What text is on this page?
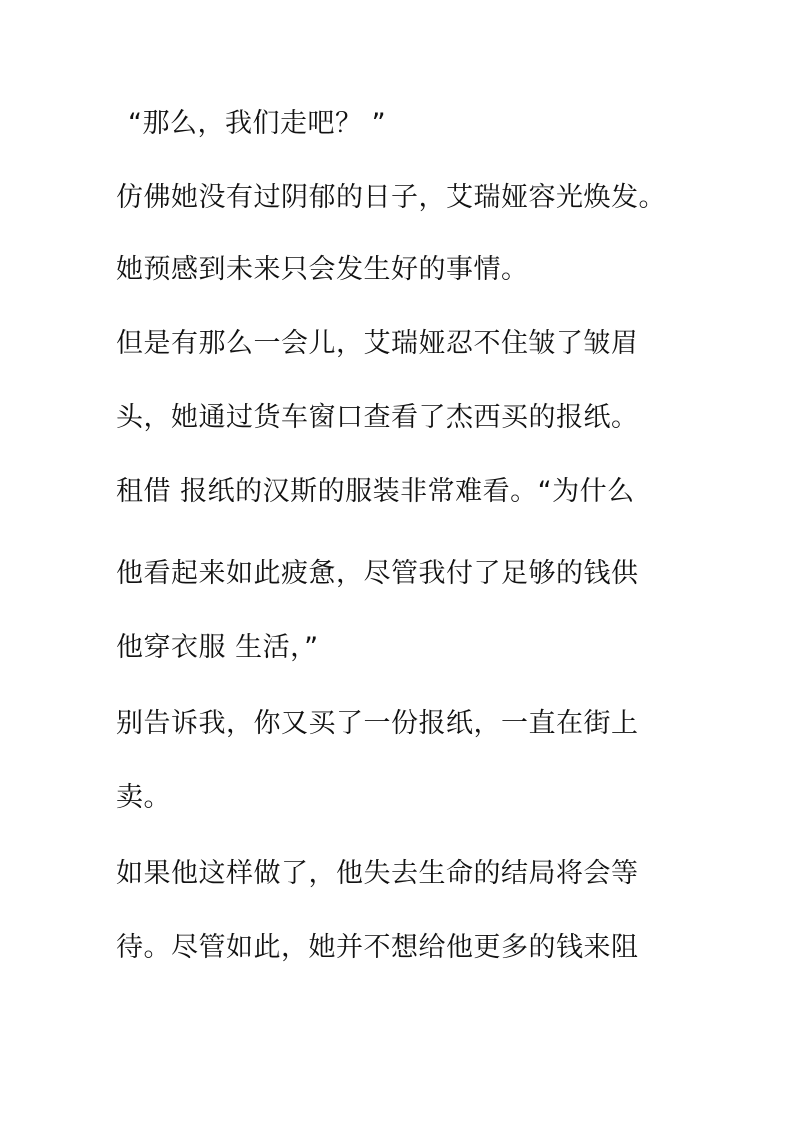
“那么，我们走吧？ ”

仿佛她没有过阴郁的日子，艾瑞娅容光焕发。

她预感到未来只会发生好的事情。

但是有那么一会儿，艾瑞娅忍不住皱了皱眉

头，她通过货车窗口查看了杰西买的报纸。

租借 报纸的汉斯的服装非常难看。“为什么

他看起来如此疲惫，尽管我付了足够的钱供

他穿衣服 生活，”

别告诉我，你又买了一份报纸，一直在街上

卖。

如果他这样做了，他失去生命的结局将会等

待。尽管如此，她并不想给他更多的钱来阻
